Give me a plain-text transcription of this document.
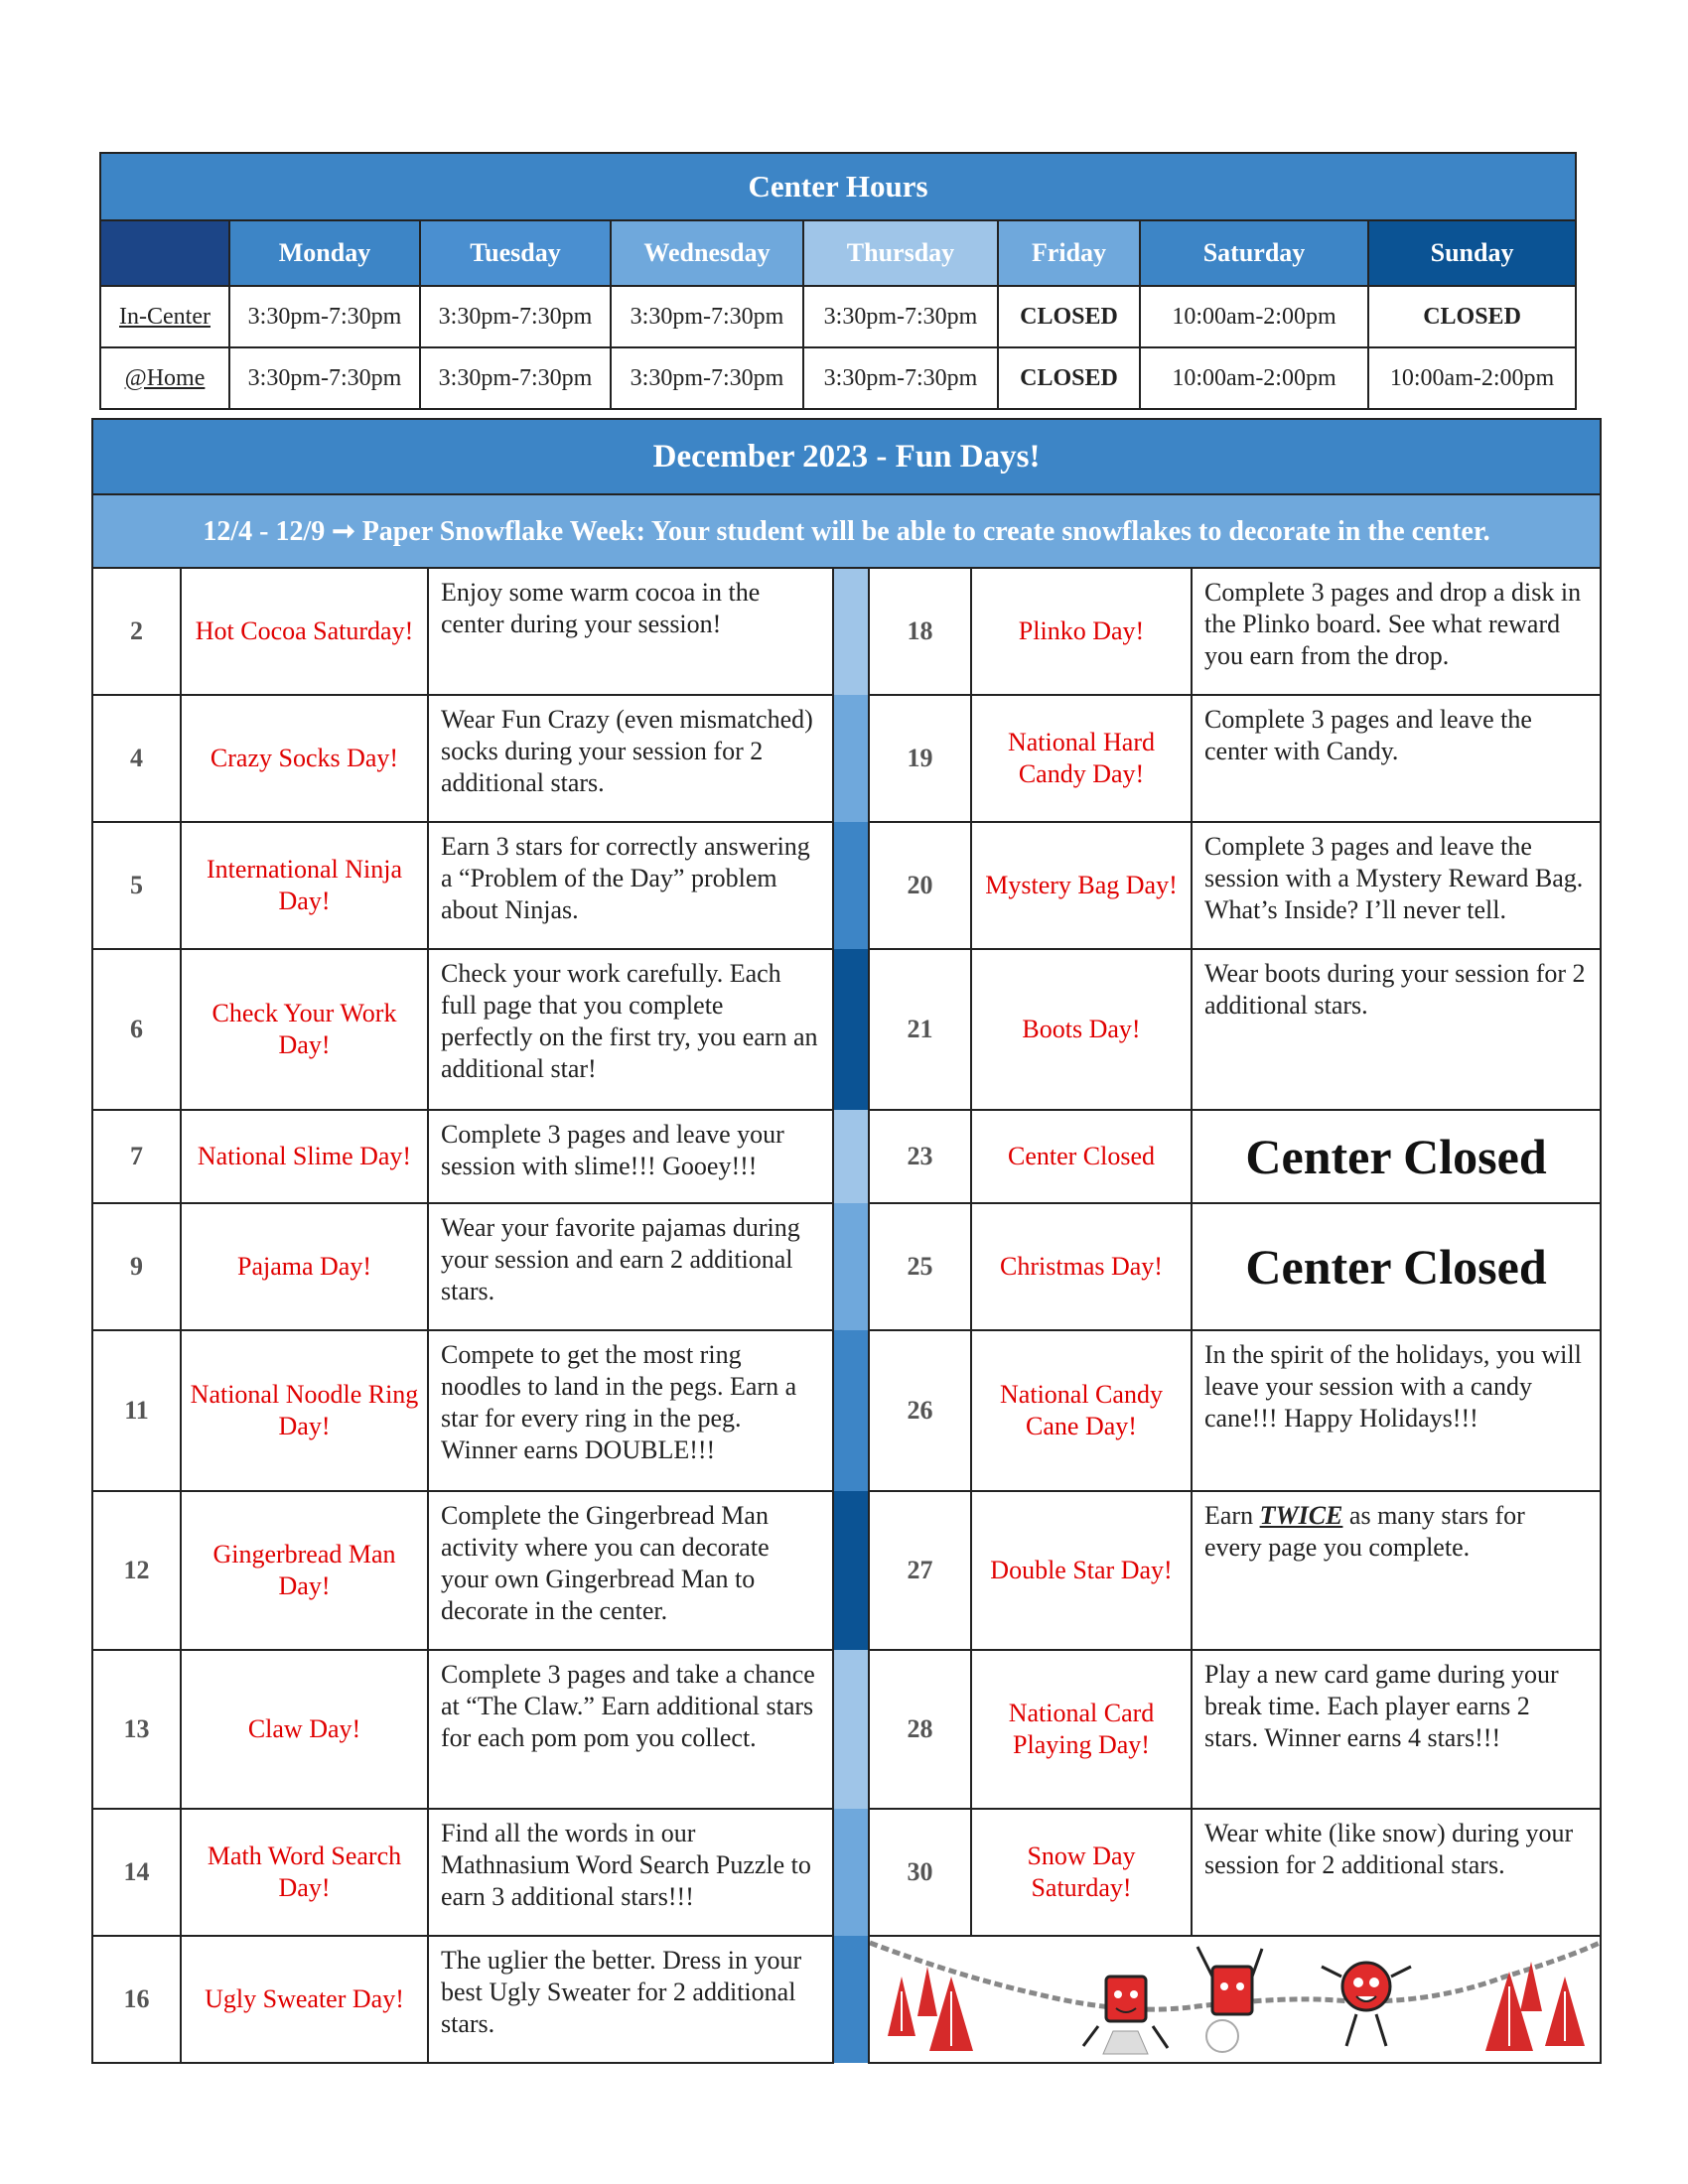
Center Hours							
	Monday	Tuesday	Wednesday	Thursday	Friday	Saturday	Sunday
In-Center	3:30pm-7:30pm	3:30pm-7:30pm	3:30pm-7:30pm	3:30pm-7:30pm	CLOSED	10:00am-2:00pm	CLOSED
@Home	3:30pm-7:30pm	3:30pm-7:30pm	3:30pm-7:30pm	3:30pm-7:30pm	CLOSED	10:00am-2:00pm	10:00am-2:00pm
December 2023 - Fun Days!						
12/4 - 12/9 ➞ Paper Snowflake Week: Your student will be able to create snowflakes to decorate in the center.						
2	Hot Cocoa Saturday!	Enjoy some warm cocoa in the center during your session!		18	Plinko Day!	Complete 3 pages and drop a disk in the Plinko board. See what reward you earn from the drop.
4	Crazy Socks Day!	Wear Fun Crazy (even mismatched) socks during your session for 2 additional stars.		19	National Hard Candy Day!	Complete 3 pages and leave the center with Candy.
5	International Ninja Day!	Earn 3 stars for correctly answering a “Problem of the Day” problem about Ninjas.		20	Mystery Bag Day!	Complete 3 pages and leave the session with a Mystery Reward Bag. What’s Inside? I’ll never tell.
6	Check Your Work Day!	Check your work carefully. Each full page that you complete perfectly on the first try, you earn an additional star!		21	Boots Day!	Wear boots during your session for 2 additional stars.
7	National Slime Day!	Complete 3 pages and leave your session with slime!!! Gooey!!!		23	Center Closed	Center Closed
9	Pajama Day!	Wear your favorite pajamas during your session and earn 2 additional stars.		25	Christmas Day!	Center Closed
11	National Noodle Ring Day!	Compete to get the most ring noodles to land in the pegs. Earn a star for every ring in the peg. Winner earns DOUBLE!!!		26	National Candy Cane Day!	In the spirit of the holidays, you will leave your session with a candy cane!!! Happy Holidays!!!
12	Gingerbread Man Day!	Complete the Gingerbread Man activity where you can decorate your own Gingerbread Man to decorate in the center.		27	Double Star Day!	Earn TWICE as many stars for every page you complete.
13	Claw Day!	Complete 3 pages and take a chance at “The Claw.” Earn additional stars for each pom pom you collect.		28	National Card Playing Day!	Play a new card game during your break time. Each player earns 2 stars. Winner earns 4 stars!!!
14	Math Word Search Day!	Find all the words in our Mathnasium Word Search Puzzle to earn 3 additional stars!!!		30	Snow Day Saturday!	Wear white (like snow) during your session for 2 additional stars.
16	Ugly Sweater Day!	The uglier the better. Dress in your best Ugly Sweater for 2 additional stars.		
